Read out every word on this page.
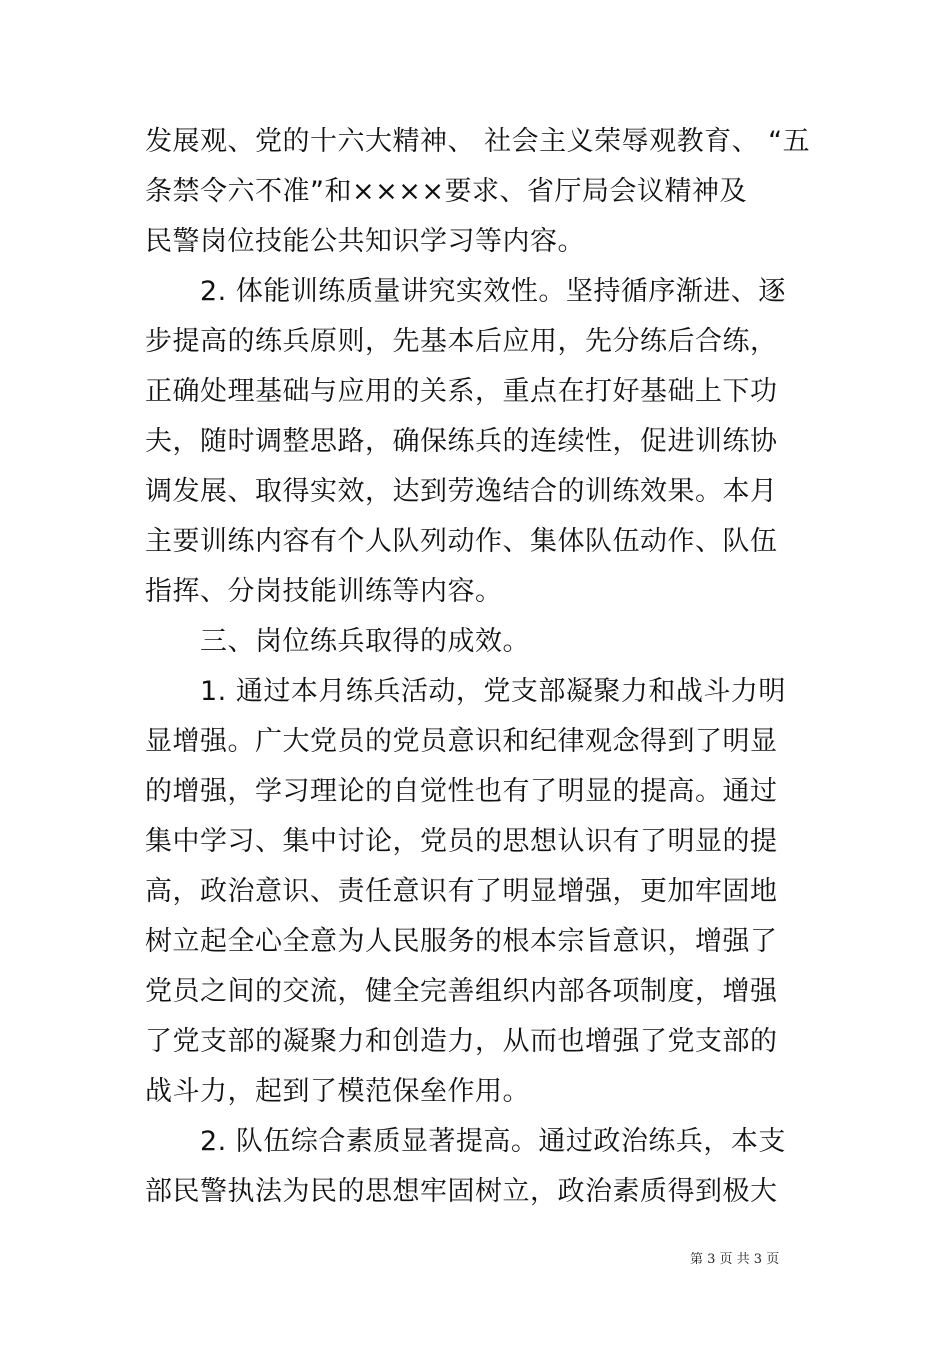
发展观、党的十六大精神、 社会主义荣辱观教育、 “五
条禁令六不准”和××××要求、省厅局会议精神及
民警岗位技能公共知识学习等内容。
2. 体能训练质量讲究实效性。坚持循序渐进、逐
步提高的练兵原则，先基本后应用，先分练后合练，
正确处理基础与应用的关系，重点在打好基础上下功
夫，随时调整思路，确保练兵的连续性，促进训练协
调发展、取得实效，达到劳逸结合的训练效果。本月
主要训练内容有个人队列动作、集体队伍动作、队伍
指挥、分岗技能训练等内容。
三、岗位练兵取得的成效。
1. 通过本月练兵活动，党支部凝聚力和战斗力明
显增强。广大党员的党员意识和纪律观念得到了明显
的增强，学习理论的自觉性也有了明显的提高。通过
集中学习、集中讨论，党员的思想认识有了明显的提
高，政治意识、责任意识有了明显增强，更加牢固地
树立起全心全意为人民服务的根本宗旨意识，增强了
党员之间的交流，健全完善组织内部各项制度，增强
了党支部的凝聚力和创造力，从而也增强了党支部的
战斗力，起到了模范保垒作用。
2. 队伍综合素质显著提高。通过政治练兵，本支
部民警执法为民的思想牢固树立，政治素质得到极大
第 3 页 共 3 页
